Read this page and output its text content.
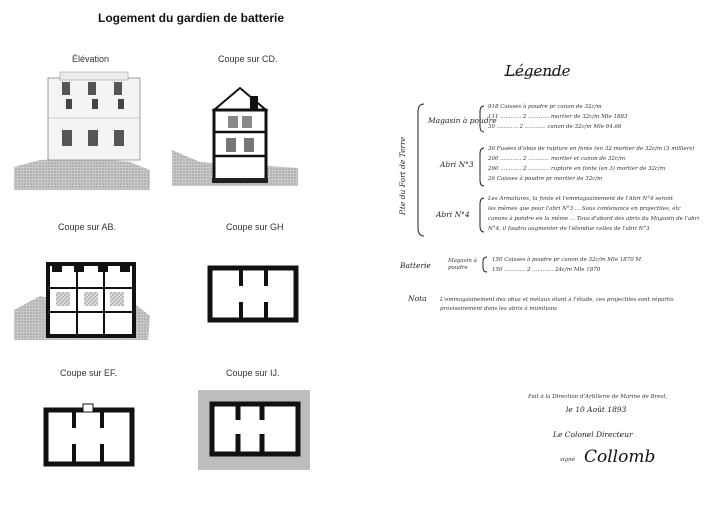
Logement du gardien de batterie
Élévation	Coupe sur CD.
Coupe sur AB.	Coupe sur GH
Coupe sur EF.	Coupe sur IJ.
Légende
P.te du Fort de Terre
Magasin à poudre
918 Caisses à poudre pr canon de 32c/m
111 ............ 2 ............ mortier de 32c/m Mle 1883
30 ............ 2 ............ canon de 32c/m Mle 64.66
Abri N°3
30 Fusées d'obus de rupture en fonte (en 32 mortier de 32c/m (3 milliers)
200 ............ 2 ............ mortier et canon de 32c/m
260 ............ 2 ............ rupture en fonte (en 3) mortier de 32c/m
26 Caisses à poudre pr mortier de 32c/m
Abri N°4
Les Armatures, la fonte et l'emmagasinement de l'Abri N°4 seront
les mêmes que pour l'abri N°3 ... Sous contenance en projectiles, etc
canons à pondre en la même ... Tous d'abord des abris du Magasin de l'abri
N°4, il faudra augmenter de l'étendue celles de l'abri N°3
Batterie	Magasin à poudre
150 Caisses à poudre pr canon de 32c/m Mle 1870 M
150 ............ 2 ............ 24c/m Mle 1870
Nota L'emmagasinement des obus et métaux étant à l'étude, ces projectiles sont répartis provisoirement dans les abris à munitions
Fait à la Direction d'Artillerie de Marine de Brest,
le 10 Août 1893
Le Colonel Directeur
signé Collomb
